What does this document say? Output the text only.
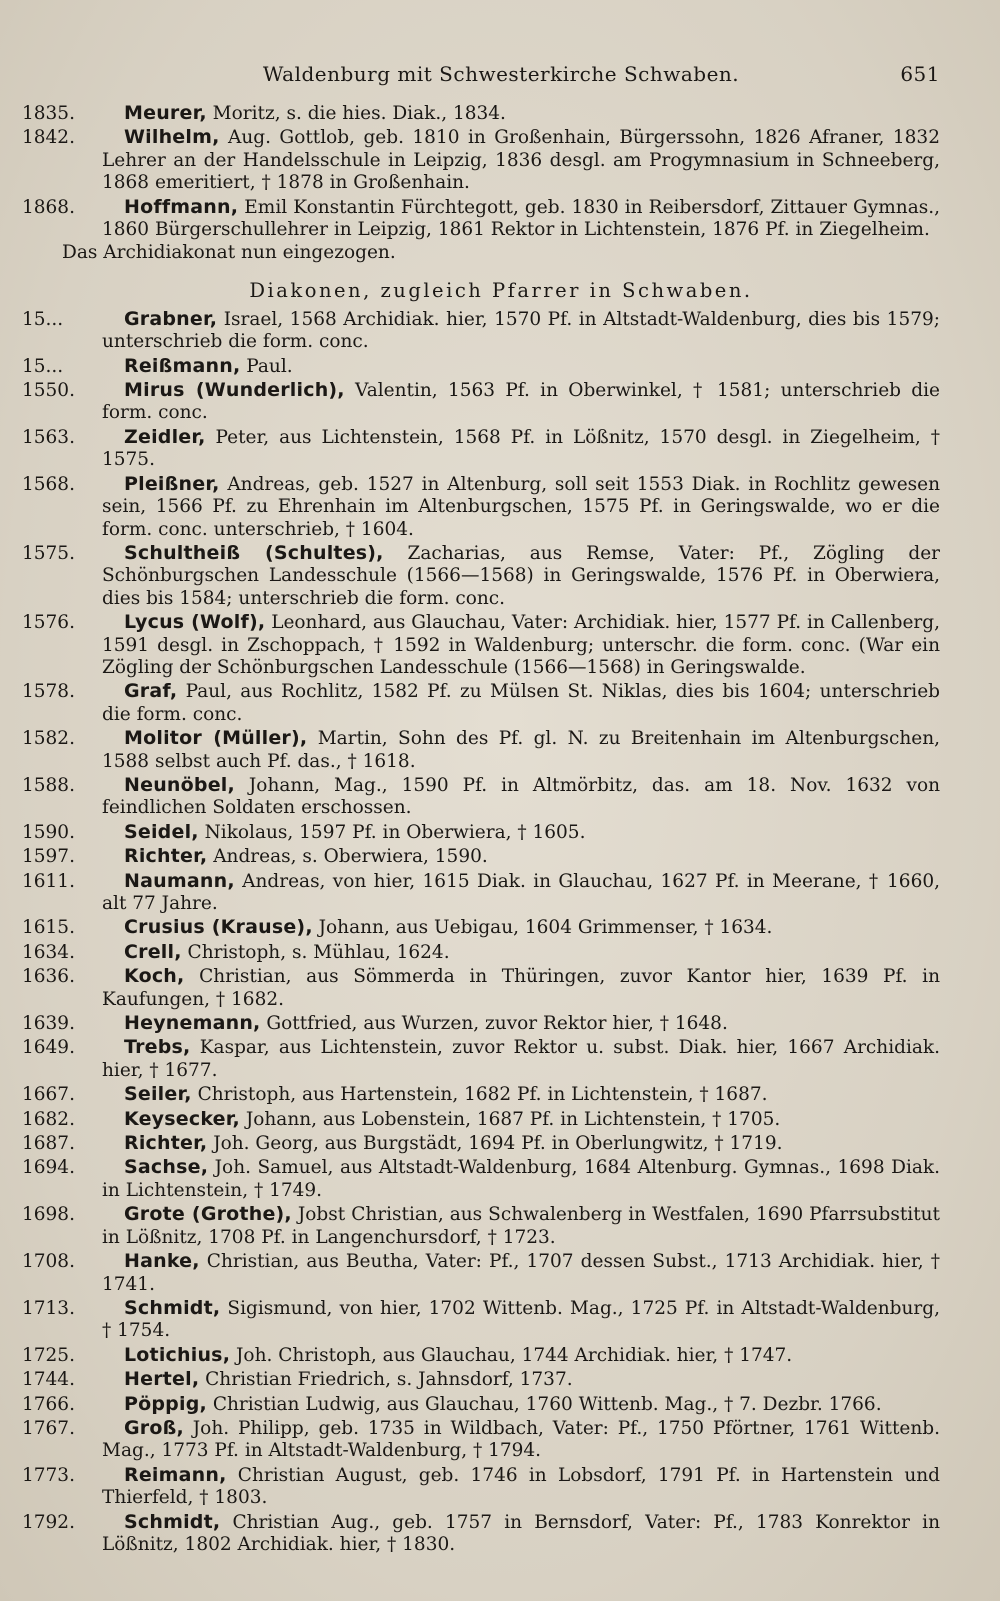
Waldenburg mit Schwesterkirche Schwaben.	651

1835.	Meurer, Moritz, s. die hies. Diak., 1834.

1842.	Wilhelm, Aug. Gottlob, geb. 1810 in Großenhain, Bürgerssohn, 1826 Afraner, 1832 Lehrer an der Handelsschule in Leipzig, 1836 desgl. am Progymnasium in Schneeberg, 1868 emeritiert, † 1878 in Großenhain.

1868.	Hoffmann, Emil Konstantin Fürchtegott, geb. 1830 in Reibersdorf, Zittauer Gymnas., 1860 Bürgerschullehrer in Leipzig, 1861 Rektor in Lichtenstein, 1876 Pf. in Ziegelheim.

Das Archidiakonat nun eingezogen.

Diakonen, zugleich Pfarrer in Schwaben.

15...	Grabner, Israel, 1568 Archidiak. hier, 1570 Pf. in Altstadt-Waldenburg, dies bis 1579; unterschrieb die form. conc.

15...	Reißmann, Paul.

1550.	Mirus (Wunderlich), Valentin, 1563 Pf. in Oberwinkel, † 1581; unterschrieb die form. conc.

1563.	Zeidler, Peter, aus Lichtenstein, 1568 Pf. in Lößnitz, 1570 desgl. in Ziegelheim, † 1575.

1568.	Pleißner, Andreas, geb. 1527 in Altenburg, soll seit 1553 Diak. in Rochlitz gewesen sein, 1566 Pf. zu Ehrenhain im Altenburgschen, 1575 Pf. in Geringswalde, wo er die form. conc. unterschrieb, † 1604.

1575.	Schultheiß (Schultes), Zacharias, aus Remse, Vater: Pf., Zögling der Schönburgschen Landesschule (1566—1568) in Geringswalde, 1576 Pf. in Oberwiera, dies bis 1584; unterschrieb die form. conc.

1576.	Lycus (Wolf), Leonhard, aus Glauchau, Vater: Archidiak. hier, 1577 Pf. in Callenberg, 1591 desgl. in Zschoppach, † 1592 in Waldenburg; unterschr. die form. conc. (War ein Zögling der Schönburgschen Landesschule (1566—1568) in Geringswalde.

1578.	Graf, Paul, aus Rochlitz, 1582 Pf. zu Mülsen St. Niklas, dies bis 1604; unterschrieb die form. conc.

1582.	Molitor (Müller), Martin, Sohn des Pf. gl. N. zu Breitenhain im Altenburgschen, 1588 selbst auch Pf. das., † 1618.

1588.	Neunöbel, Johann, Mag., 1590 Pf. in Altmörbitz, das. am 18. Nov. 1632 von feindlichen Soldaten erschossen.

1590.	Seidel, Nikolaus, 1597 Pf. in Oberwiera, † 1605.

1597.	Richter, Andreas, s. Oberwiera, 1590.

1611.	Naumann, Andreas, von hier, 1615 Diak. in Glauchau, 1627 Pf. in Meerane, † 1660, alt 77 Jahre.

1615.	Crusius (Krause), Johann, aus Uebigau, 1604 Grimmenser, † 1634.

1634.	Crell, Christoph, s. Mühlau, 1624.

1636.	Koch, Christian, aus Sömmerda in Thüringen, zuvor Kantor hier, 1639 Pf. in Kaufungen, † 1682.

1639.	Heynemann, Gottfried, aus Wurzen, zuvor Rektor hier, † 1648.

1649.	Trebs, Kaspar, aus Lichtenstein, zuvor Rektor u. subst. Diak. hier, 1667 Archidiak. hier, † 1677.

1667.	Seiler, Christoph, aus Hartenstein, 1682 Pf. in Lichtenstein, † 1687.

1682.	Keysecker, Johann, aus Lobenstein, 1687 Pf. in Lichtenstein, † 1705.

1687.	Richter, Joh. Georg, aus Burgstädt, 1694 Pf. in Oberlungwitz, † 1719.

1694.	Sachse, Joh. Samuel, aus Altstadt-Waldenburg, 1684 Altenburg. Gymnas., 1698 Diak. in Lichtenstein, † 1749.

1698.	Grote (Grothe), Jobst Christian, aus Schwalenberg in Westfalen, 1690 Pfarrsubstitut in Lößnitz, 1708 Pf. in Langenchursdorf, † 1723.

1708.	Hanke, Christian, aus Beutha, Vater: Pf., 1707 dessen Subst., 1713 Archidiak. hier, † 1741.

1713.	Schmidt, Sigismund, von hier, 1702 Wittenb. Mag., 1725 Pf. in Altstadt-Waldenburg, † 1754.

1725.	Lotichius, Joh. Christoph, aus Glauchau, 1744 Archidiak. hier, † 1747.

1744.	Hertel, Christian Friedrich, s. Jahnsdorf, 1737.

1766.	Pöppig, Christian Ludwig, aus Glauchau, 1760 Wittenb. Mag., † 7. Dezbr. 1766.

1767.	Groß, Joh. Philipp, geb. 1735 in Wildbach, Vater: Pf., 1750 Pförtner, 1761 Wittenb. Mag., 1773 Pf. in Altstadt-Waldenburg, † 1794.

1773.	Reimann, Christian August, geb. 1746 in Lobsdorf, 1791 Pf. in Hartenstein und Thierfeld, † 1803.

1792.	Schmidt, Christian Aug., geb. 1757 in Bernsdorf, Vater: Pf., 1783 Konrektor in Lößnitz, 1802 Archidiak. hier, † 1830.
